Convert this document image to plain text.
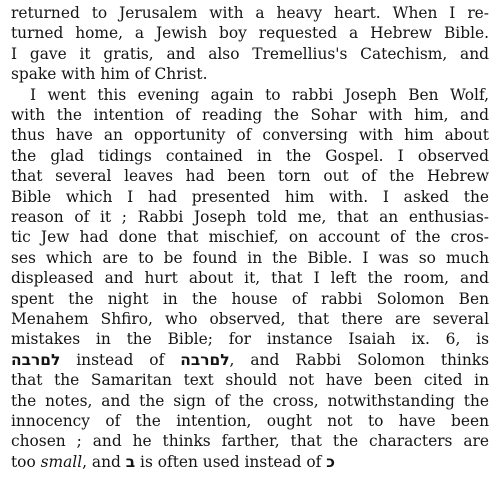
returned to Jerusalem with a heavy heart. When I re-
turned home, a Jewish boy requested a Hebrew Bible.
I gave it gratis, and also Tremellius's Catechism, and
spake with him of Christ.
I went this evening again to rabbi Joseph Ben Wolf,
with the intention of reading the Sohar with him, and
thus have an opportunity of conversing with him about
the glad tidings contained in the Gospel. I observed
that several leaves had been torn out of the Hebrew
Bible which I had presented him with. I asked the
reason of it ; Rabbi Joseph told me, that an enthusias-
tic Jew had done that mischief, on account of the cros-
ses which are to be found in the Bible. I was so much
displeased and hurt about it, that I left the room, and
spent the night in the house of rabbi Solomon Ben
Menahem Shfiro, who observed, that there are several
mistakes in the Bible; for instance Isaiah ix. 6, is
לםרבה instead of לםרבה, and Rabbi Solomon thinks
that the Samaritan text should not have been cited in
the notes, and the sign of the cross, notwithstanding the
innocency of the intention, ought not to have been
chosen ; and he thinks farther, that the characters are
too small, and ב is often used instead of כ
